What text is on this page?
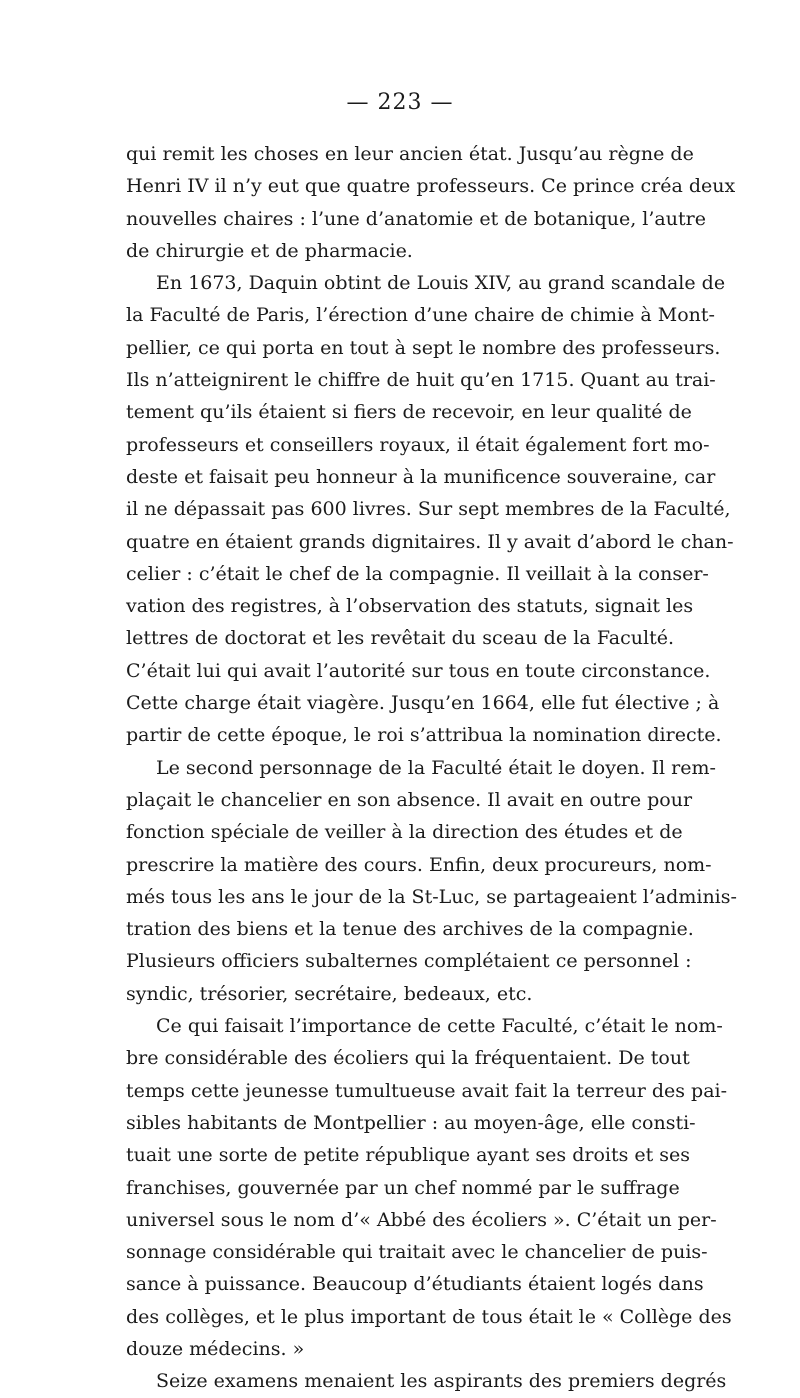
— 223 —
qui remit les choses en leur ancien état. Jusqu’au règne de
Henri IV il n’y eut que quatre professeurs. Ce prince créa deux
nouvelles chaires : l’une d’anatomie et de botanique, l’autre
de chirurgie et de pharmacie.
En 1673, Daquin obtint de Louis XIV, au grand scandale de
la Faculté de Paris, l’érection d’une chaire de chimie à Mont-
pellier, ce qui porta en tout à sept le nombre des professeurs.
Ils n’atteignirent le chiffre de huit qu’en 1715. Quant au trai-
tement qu’ils étaient si fiers de recevoir, en leur qualité de
professeurs et conseillers royaux, il était également fort mo-
deste et faisait peu honneur à la munificence souveraine, car
il ne dépassait pas 600 livres. Sur sept membres de la Faculté,
quatre en étaient grands dignitaires. Il y avait d’abord le chan-
celier : c’était le chef de la compagnie. Il veillait à la conser-
vation des registres, à l’observation des statuts, signait les
lettres de doctorat et les revêtait du sceau de la Faculté.
C’était lui qui avait l’autorité sur tous en toute circonstance.
Cette charge était viagère. Jusqu’en 1664, elle fut élective ; à
partir de cette époque, le roi s’attribua la nomination directe.
Le second personnage de la Faculté était le doyen. Il rem-
plaçait le chancelier en son absence. Il avait en outre pour
fonction spéciale de veiller à la direction des études et de
prescrire la matière des cours. Enfin, deux procureurs, nom-
més tous les ans le jour de la St-Luc, se partageaient l’adminis-
tration des biens et la tenue des archives de la compagnie.
Plusieurs officiers subalternes complétaient ce personnel :
syndic, trésorier, secrétaire, bedeaux, etc.
Ce qui faisait l’importance de cette Faculté, c’était le nom-
bre considérable des écoliers qui la fréquentaient. De tout
temps cette jeunesse tumultueuse avait fait la terreur des pai-
sibles habitants de Montpellier : au moyen-âge, elle consti-
tuait une sorte de petite république ayant ses droits et ses
franchises, gouvernée par un chef nommé par le suffrage
universel sous le nom d’« Abbé des écoliers ». C’était un per-
sonnage considérable qui traitait avec le chancelier de puis-
sance à puissance. Beaucoup d’étudiants étaient logés dans
des collèges, et le plus important de tous était le « Collège des
douze médecins. »
Seize examens menaient les aspirants des premiers degrés
